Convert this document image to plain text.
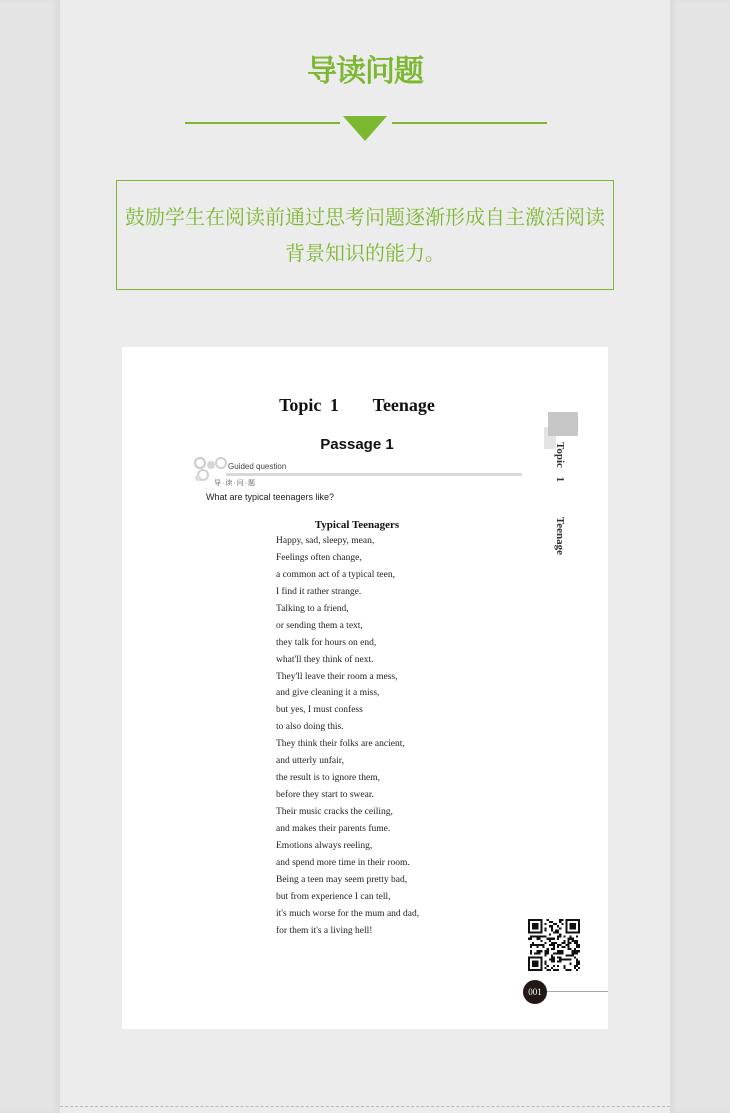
导读问题
鼓励学生在阅读前通过思考问题逐渐形成自主激活阅读背景知识的能力。
Topic 1    Teenage
Passage 1
Guided question
导·读·问·题
What are typical teenagers like?
Typical Teenagers
Happy, sad, sleepy, mean,
Feelings often change,
a common act of a typical teen,
I find it rather strange.
Talking to a friend,
or sending them a text,
they talk for hours on end,
what'll they think of next.
They'll leave their room a mess,
and give cleaning it a miss,
but yes, I must confess
to also doing this.
They think their folks are ancient,
and utterly unfair,
the result is to ignore them,
before they start to swear.
Their music cracks the ceiling,
and makes their parents fume.
Emotions always reeling,
and spend more time in their room.
Being a teen may seem pretty bad,
but from experience I can tell,
it's much worse for the mum and dad,
for them it's a living hell!
Topic 1    Teenage
001
